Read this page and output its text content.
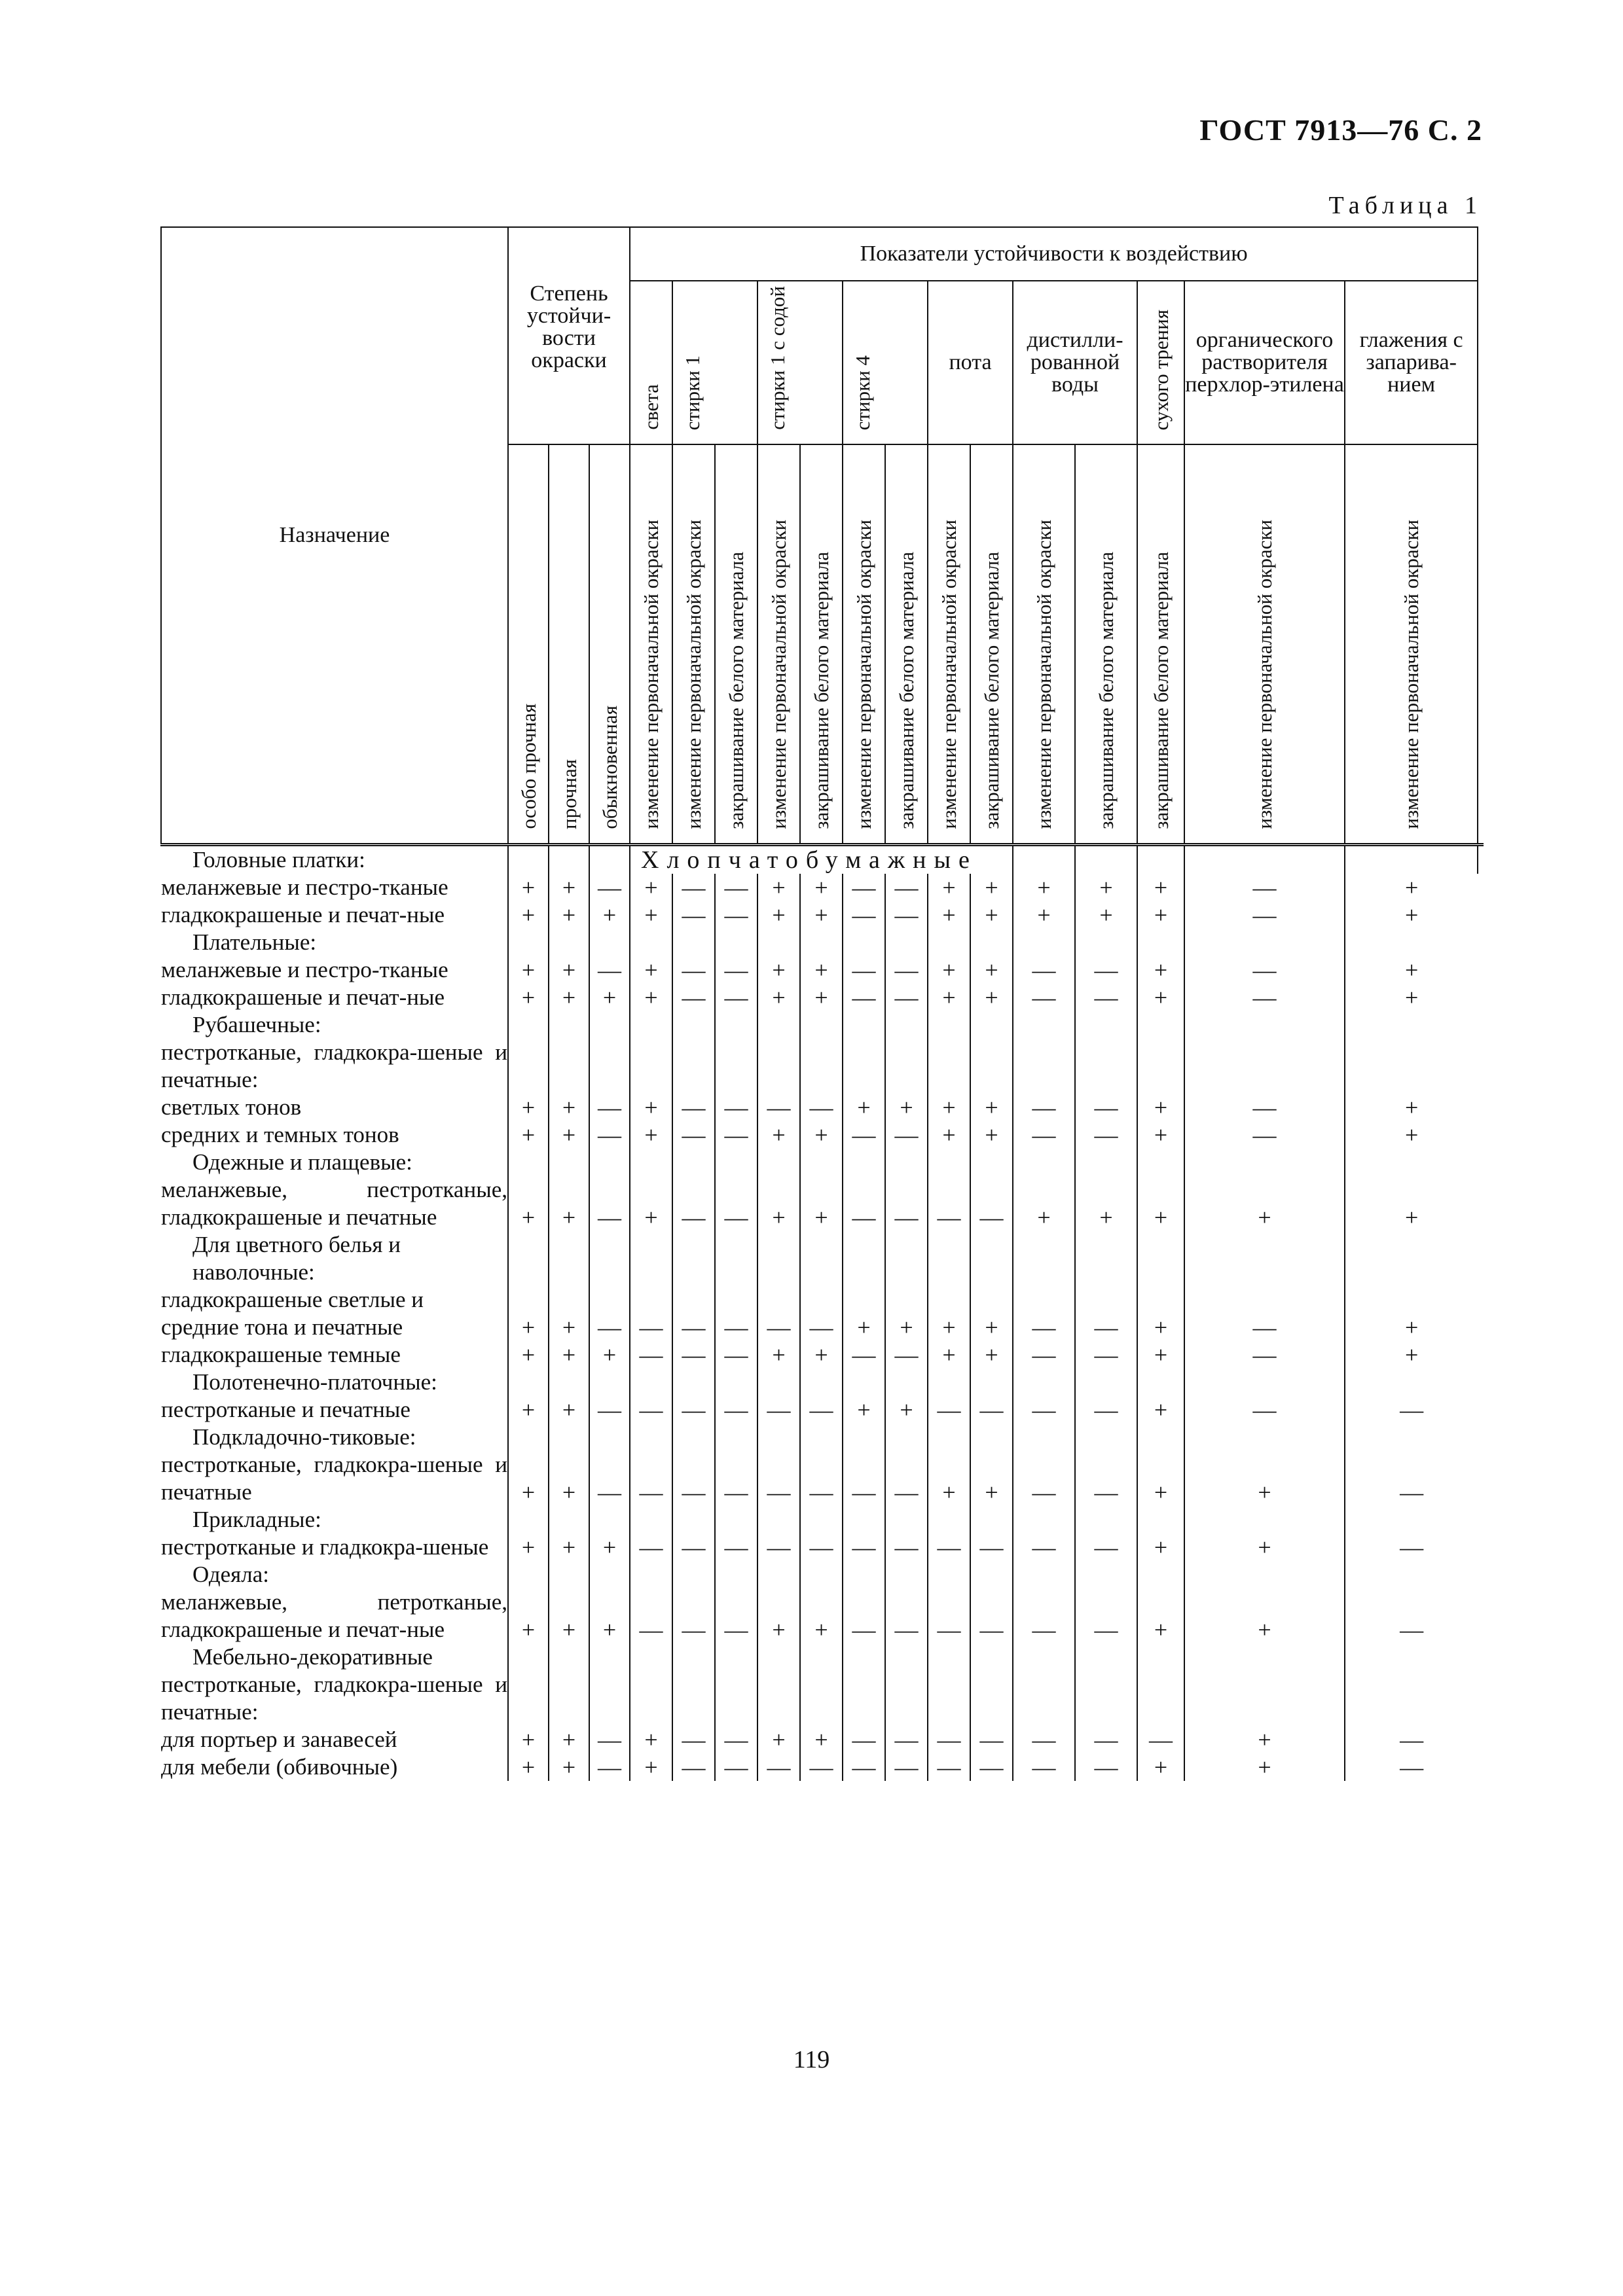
ГОСТ 7913—76 С. 2
Таблица 1
Назначение	Степень устойчи-вости окраски			Показатели устойчивости к воздействию														
				света	стирки 1		стирки 1 с содой		стирки 4		пота		дистилли-рованной воды		сухого трения	органического растворителя перхлор-этилена	глажения с запарива-нием	
	особо прочная	прочная	обыкновенная	изменение первоначальной окраски	изменение первоначальной окраски	закрашивание белого материала	изменение первоначальной окраски	закрашивание белого материала	изменение первоначальной окраски	закрашивание белого материала	изменение первоначальной окраски	закрашивание белого материала	изменение первоначальной окраски	закрашивание белого материала	закрашивание белого материала	изменение первоначальной окраски	изменение первоначальной окраски	
Головные платки:				Хлопчатобумажные														
меланжевые и пестро-тканые	+	+	—	+	—	—	+	+	—	—	+	+	+	+	+	—	+	
гладкокрашеные и печат-ные	+	+	+	+	—	—	+	+	—	—	+	+	+	+	+	—	+	
Плательные:																		
меланжевые и пестро-тканые	+	+	—	+	—	—	+	+	—	—	+	+	—	—	+	—	+	
гладкокрашеные и печат-ные	+	+	+	+	—	—	+	+	—	—	+	+	—	—	+	—	+	
Рубашечные:																		
пестротканые, гладкокра-шеные и печатные:																		
светлых тонов	+	+	—	+	—	—	—	—	+	+	+	+	—	—	+	—	+	
средних и темных тонов	+	+	—	+	—	—	+	+	—	—	+	+	—	—	+	—	+	
Одежные и плащевые:																		
меланжевые, пестротканые, гладкокрашеные и печатные	+	+	—	+	—	—	+	+	—	—	—	—	+	+	+	+	+	
Для цветного белья и наволочные:																		
гладкокрашеные светлые и																		
средние тона и печатные	+	+	—	—	—	—	—	—	+	+	+	+	—	—	+	—	+	
гладкокрашеные темные	+	+	+	—	—	—	+	+	—	—	+	+	—	—	+	—	+	
Полотенечно-платочные:																		
пестротканые и печатные	+	+	—	—	—	—	—	—	+	+	—	—	—	—	+	—	—	
Подкладочно-тиковые:																		
пестротканые, гладкокра-шеные и печатные	+	+	—	—	—	—	—	—	—	—	+	+	—	—	+	+	—	
Прикладные:																		
пестротканые и гладкокра-шеные	+	+	+	—	—	—	—	—	—	—	—	—	—	—	+	+	—	
Одеяла:																		
меланжевые, петротканые, гладкокрашеные и печат-ные	+	+	+	—	—	—	+	+	—	—	—	—	—	—	+	+	—	
Мебельно-декоративные																		
пестротканые, гладкокра-шеные и печатные:																		
для портьер и занавесей	+	+	—	+	—	—	+	+	—	—	—	—	—	—	—	+	—	
для мебели (обивочные)	+	+	—	+	—	—	—	—	—	—	—	—	—	—	+	+	—	
119
